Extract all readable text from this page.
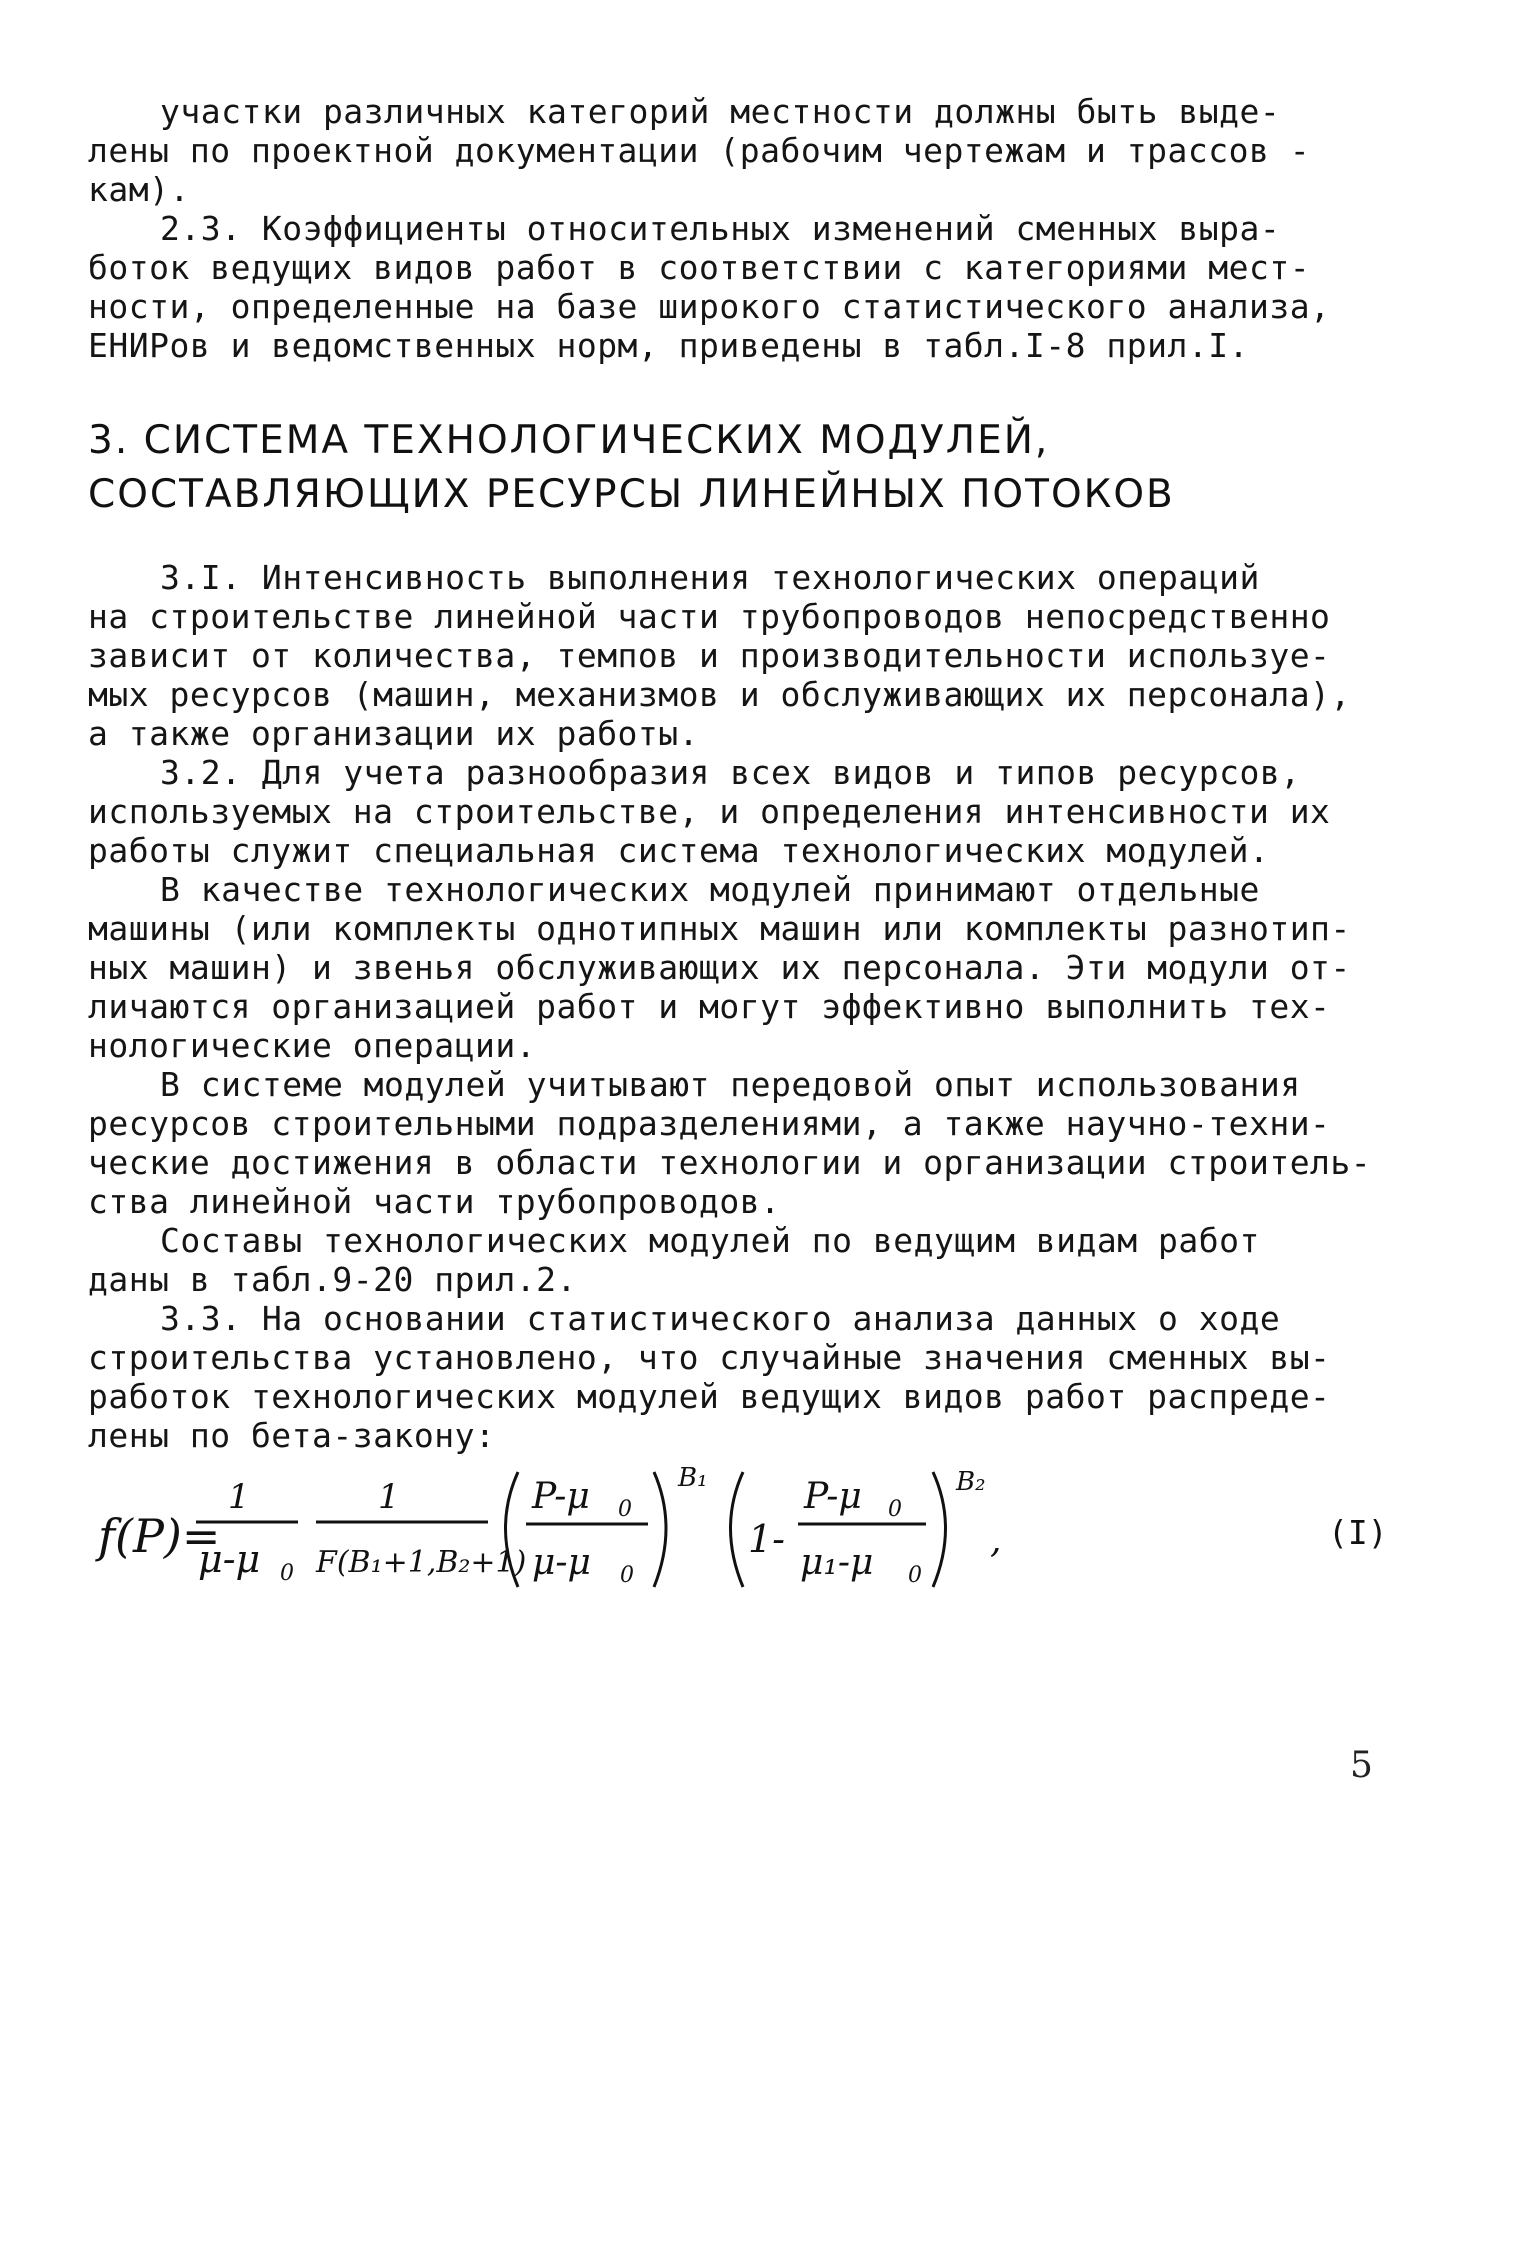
участки различных категорий местности должны быть выде-
лены по проектной документации (рабочим чертежам и трассов -
кам).
2.3. Коэффициенты относительных изменений сменных выра-
боток ведущих видов работ в соответствии с категориями мест-
ности, определенные на базе широкого статистического анализа,
ЕНИРов и ведомственных норм, приведены в табл.I-8 прил.I.
3. СИСТЕМА ТЕХНОЛОГИЧЕСКИХ МОДУЛЕЙ,
СОСТАВЛЯЮЩИХ РЕСУРСЫ ЛИНЕЙНЫХ ПОТОКОВ
3.I. Интенсивность выполнения технологических операций
на строительстве линейной части трубопроводов непосредственно
зависит от количества, темпов и производительности используе-
мых ресурсов (машин, механизмов и обслуживающих их персонала),
а также организации их работы.
3.2. Для учета разнообразия всех видов и типов ресурсов,
используемых на строительстве, и определения интенсивности их
работы служит специальная система технологических модулей.
В качестве технологических модулей принимают отдельные
машины (или комплекты однотипных машин или комплекты разнотип-
ных машин) и звенья обслуживающих их персонала. Эти модули от-
личаются организацией работ и могут эффективно выполнить тех-
нологические операции.
В системе модулей учитывают передовой опыт использования
ресурсов строительными подразделениями, а также научно-техни-
ческие достижения в области технологии и организации строитель-
ства линейной части трубопроводов.
Составы технологических модулей по ведущим видам работ
даны в табл.9-20 прил.2.
3.3. На основании статистического анализа данных о ходе
строительства установлено, что случайные значения сменных вы-
работок технологических модулей ведущих видов работ распреде-
лены по бета-закону:
f(P)=
1
μ-μ 0
1
F(B₁+1,B₂+1)
P-μ 0
μ-μ 0
B₁
1-
P-μ 0
μ₁-μ 0
B₂
,	(I)
5
